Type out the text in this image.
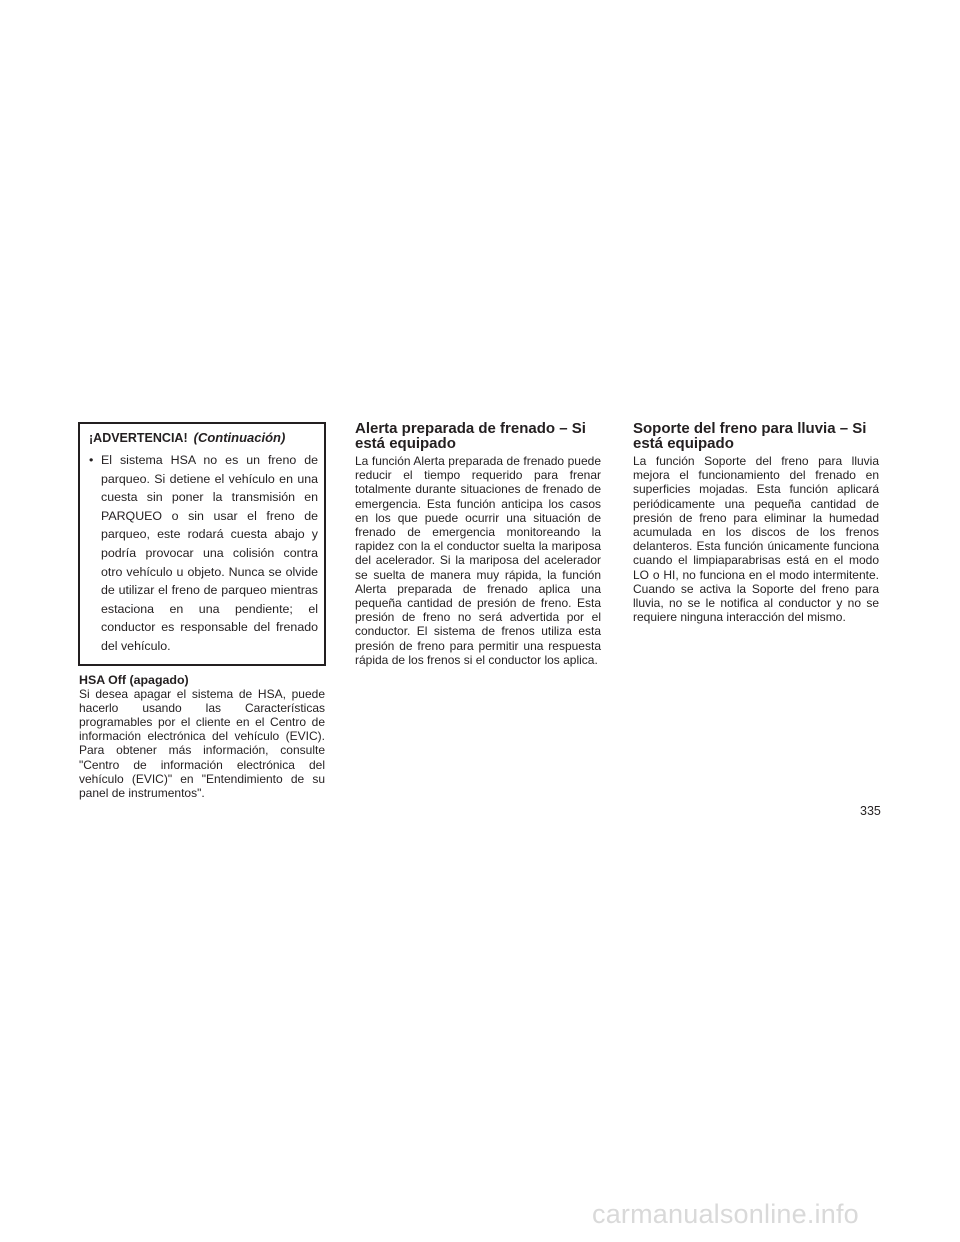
¡ADVERTENCIA! (Continuación)
• El sistema HSA no es un freno de parqueo. Si detiene el vehículo en una cuesta sin poner la transmisión en PARQUEO o sin usar el freno de parqueo, este rodará cuesta abajo y podría provocar una colisión contra otro vehículo u objeto. Nunca se olvide de utilizar el freno de parqueo mientras estaciona en una pendiente; el conductor es responsable del frenado del vehículo.
HSA Off (apagado)

Si desea apagar el sistema de HSA, puede hacerlo usando las Características programables por el cliente en el Centro de información electrónica del vehículo (EVIC). Para obtener más información, consulte "Centro de información electrónica del vehículo (EVIC)" en "Entendimiento de su panel de instrumentos".

Alerta preparada de frenado – Si está equipado

La función Alerta preparada de frenado puede reducir el tiempo requerido para frenar totalmente durante situaciones de frenado de emergencia. Esta función anticipa los casos en los que puede ocurrir una situación de frenado de emergencia monitoreando la rapidez con la el conductor suelta la mariposa del acelerador. Si la mariposa del acelerador se suelta de manera muy rápida, la función Alerta preparada de frenado aplica una pequeña cantidad de presión de freno. Esta presión de freno no será advertida por el conductor. El sistema de frenos utiliza esta presión de freno para permitir una respuesta rápida de los frenos si el conductor los aplica.

Soporte del freno para lluvia – Si está equipado

La función Soporte del freno para lluvia mejora el funcionamiento del frenado en superficies mojadas. Esta función aplicará periódicamente una pequeña cantidad de presión de freno para eliminar la humedad acumulada en los discos de los frenos delanteros. Esta función únicamente funciona cuando el limpiaparabrisas está en el modo LO o HI, no funciona en el modo intermitente. Cuando se activa la Soporte del freno para lluvia, no se le notifica al conductor y no se requiere ninguna interacción del mismo.

335
carmanualsonline.info
